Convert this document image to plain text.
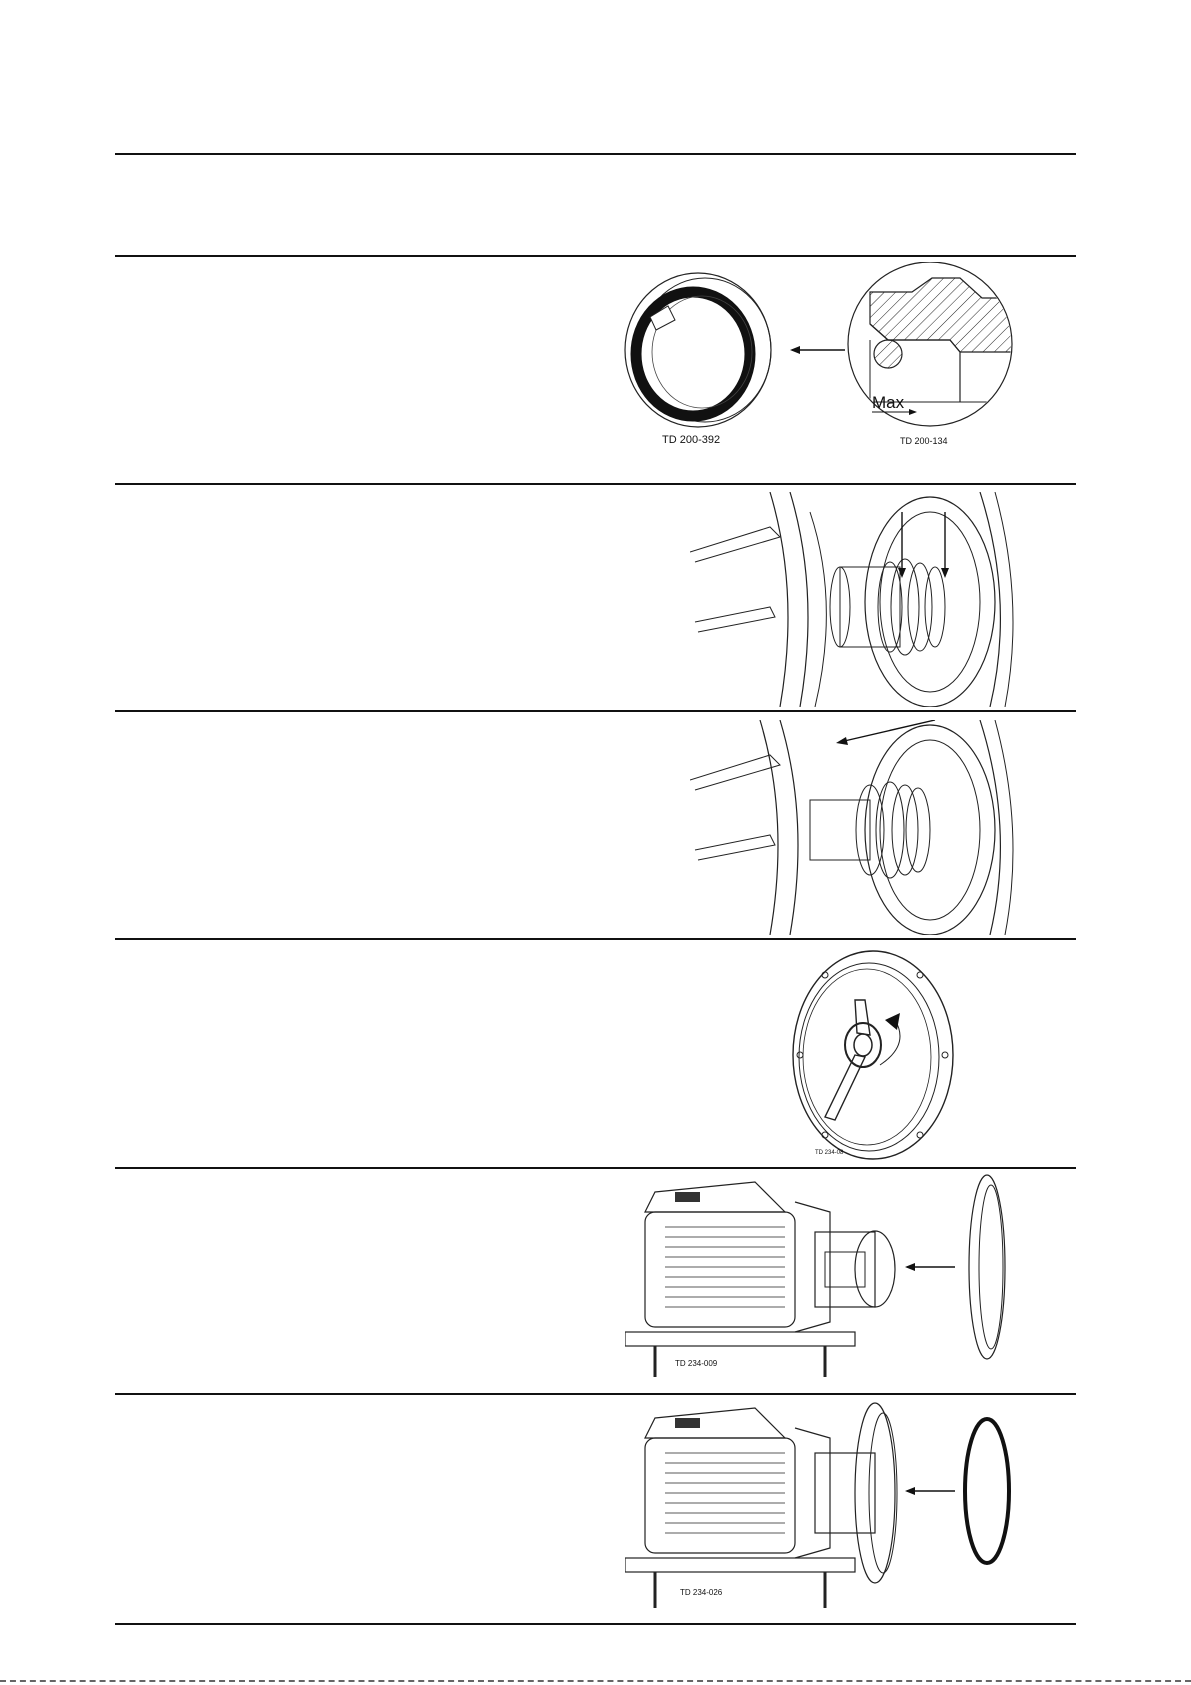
Max
TD 200-392	TD 200-134
TD 234-08
TD 234-009
TD 234-026
